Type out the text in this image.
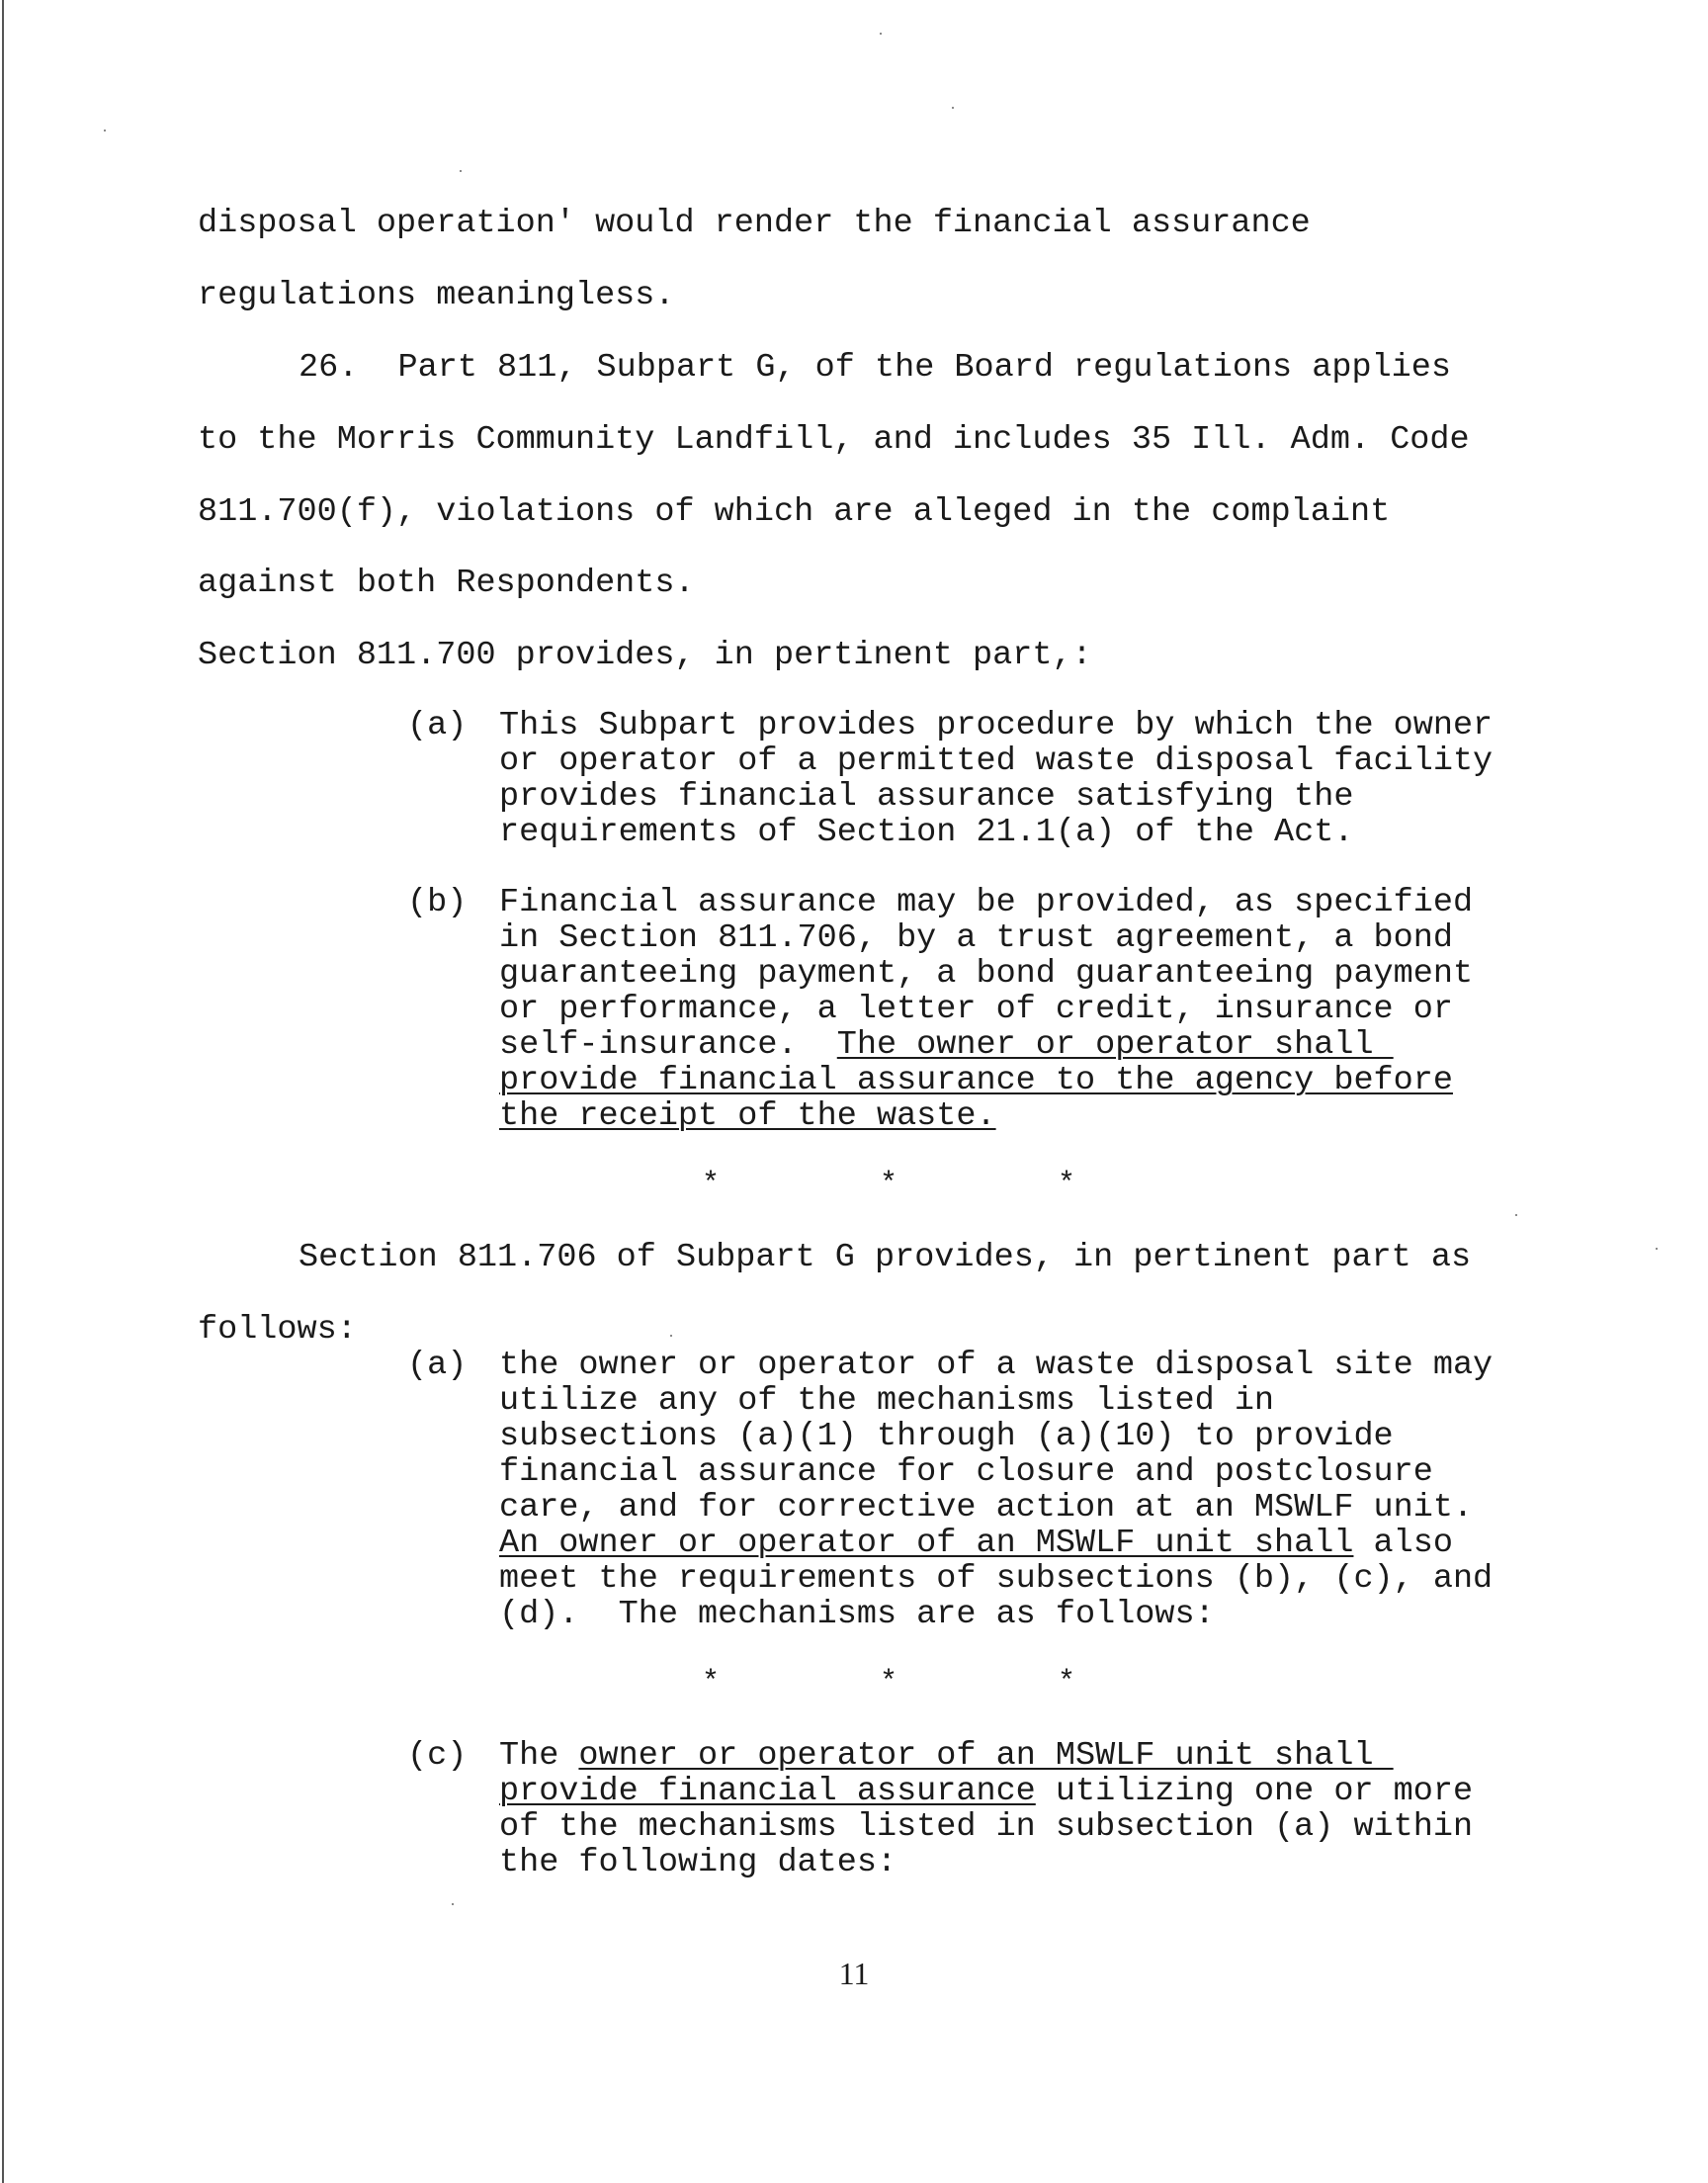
disposal operation' would render the financial assurance

regulations meaningless.

26.  Part 811, Subpart G, of the Board regulations applies

to the Morris Community Landfill, and includes 35 Ill. Adm. Code

811.700(f), violations of which are alleged in the complaint

against both Respondents.

Section 811.700 provides, in pertinent part,:

(a) This Subpart provides procedure by which the owner

or operator of a permitted waste disposal facility

provides financial assurance satisfying the

requirements of Section 21.1(a) of the Act.

(b) Financial assurance may be provided, as specified

in Section 811.706, by a trust agreement, a bond

guaranteeing payment, a bond guaranteeing payment

or performance, a letter of credit, insurance or

self-insurance.  The owner or operator shall

provide financial assurance to the agency before

the receipt of the waste.

*         *         *

Section 811.706 of Subpart G provides, in pertinent part as

follows:

(a) the owner or operator of a waste disposal site may

utilize any of the mechanisms listed in

subsections (a)(1) through (a)(10) to provide

financial assurance for closure and postclosure

care, and for corrective action at an MSWLF unit.

An owner or operator of an MSWLF unit shall also

meet the requirements of subsections (b), (c), and

(d).  The mechanisms are as follows:

*         *         *

(c) The owner or operator of an MSWLF unit shall

provide financial assurance utilizing one or more

of the mechanisms listed in subsection (a) within

the following dates:

11
